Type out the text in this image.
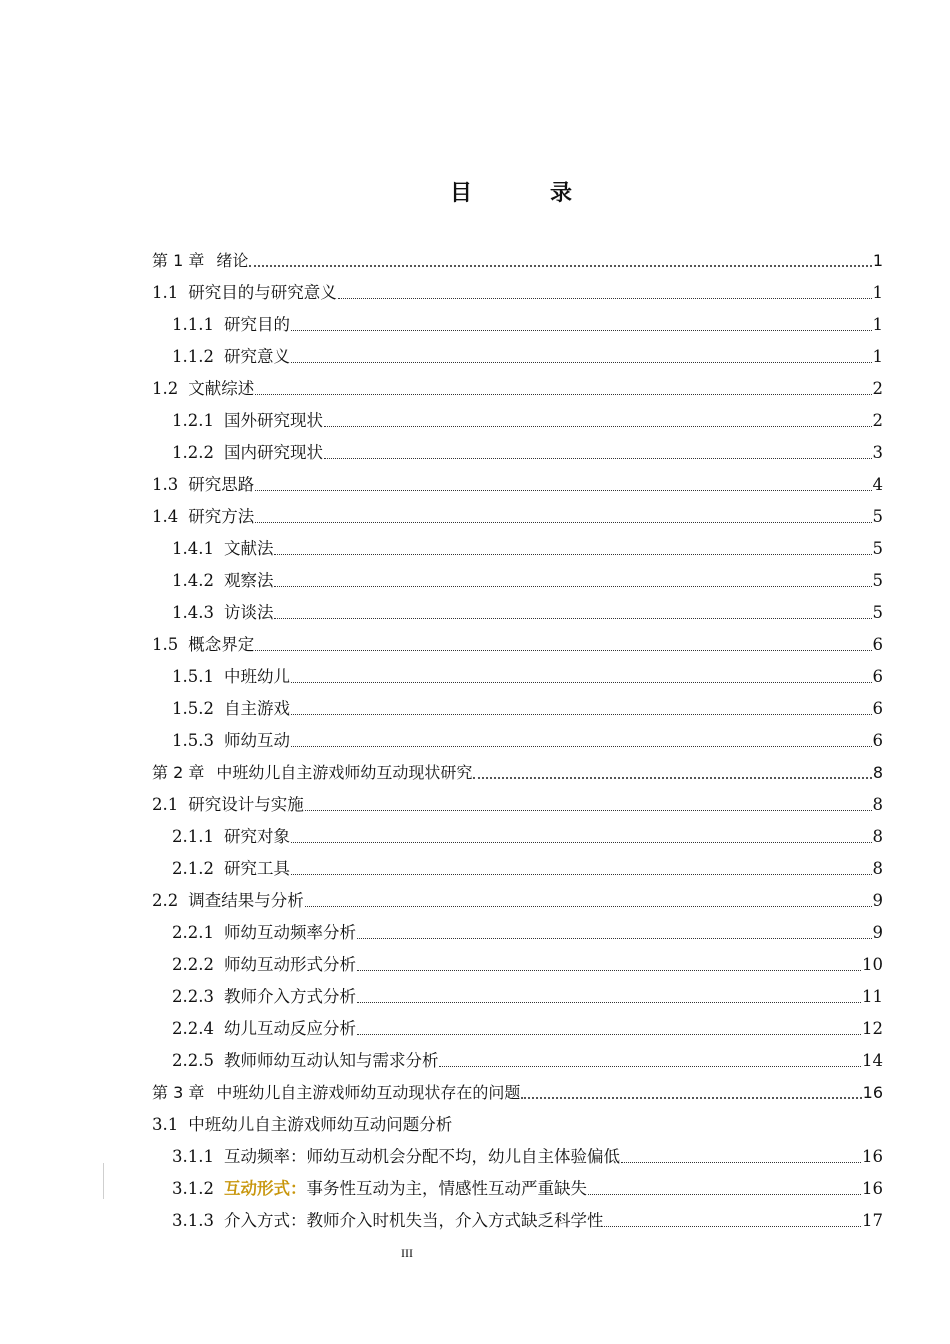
目　录
第 1 章 绪论	1
1.1 研究目的与研究意义	1
1.1.1 研究目的	1
1.1.2 研究意义	1
1.2 文献综述	2
1.2.1 国外研究现状	2
1.2.2 国内研究现状	3
1.3 研究思路	4
1.4 研究方法	5
1.4.1 文献法	5
1.4.2 观察法	5
1.4.3 访谈法	5
1.5 概念界定	6
1.5.1 中班幼儿	6
1.5.2 自主游戏	6
1.5.3 师幼互动	6
第 2 章 中班幼儿自主游戏师幼互动现状研究	8
2.1 研究设计与实施	8
2.1.1 研究对象	8
2.1.2 研究工具	8
2.2 调查结果与分析	9
2.2.1 师幼互动频率分析	9
2.2.2 师幼互动形式分析	10
2.2.3 教师介入方式分析	11
2.2.4 幼儿互动反应分析	12
2.2.5 教师师幼互动认知与需求分析	14
第 3 章 中班幼儿自主游戏师幼互动现状存在的问题	16
3.1 中班幼儿自主游戏师幼互动问题分析
3.1.1 互动频率：师幼互动机会分配不均，幼儿自主体验偏低	16
3.1.2 互动形式： 事务性互动为主，情感性互动严重缺失	16
3.1.3 介入方式：教师介入时机失当，介入方式缺乏科学性	17
III
